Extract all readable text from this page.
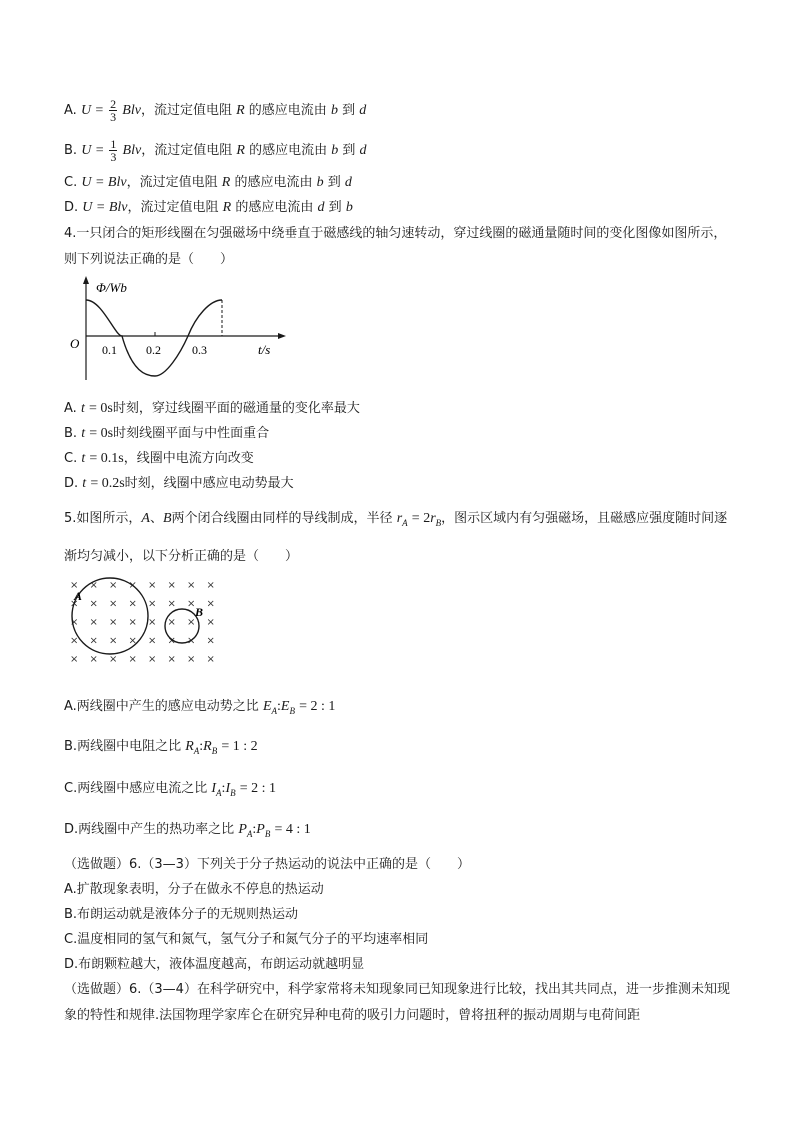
A. $U = \frac{2}{3}$ Blv，流过定值电阻 R 的感应电流由 b 到 d
B. $U = \frac{1}{3}$ Blv，流过定值电阻 R 的感应电流由 b 到 d
C. U = Blv，流过定值电阻 R 的感应电流由 b 到 d
D. U = Blv，流过定值电阻 R 的感应电流由 d 到 b
4.一只闭合的矩形线圈在匀强磁场中绕垂直于磁感线的轴匀速转动，穿过线圈的磁通量随时间的变化图像如图所示，则下列说法正确的是（　　）
Φ/Wb
O 0.1 0.2	0.3	t/s
A. t = 0s时刻，穿过线圈平面的磁通量的变化率最大
B. t = 0s时刻线圈平面与中性面重合
C. t = 0.1s，线圈中电流方向改变
D. t = 0.2s时刻，线圈中感应电动势最大
5.如图所示，A、B两个闭合线圈由同样的导线制成，半径 $r_A = 2r_B$，图示区域内有匀强磁场，且磁感应强度随时间逐渐均匀减小，以下分析正确的是（　　）
× × × × × × × ×
× × × × × × × ×
× × × × × × × ×
× × × × × × × ×
× × × × × × × ×
A
B
A.两线圈中产生的感应电动势之比 $E_A:E_B = 2$ : 1
B.两线圈中电阻之比 $R_A:R_B = 1$ : 2
C.两线圈中感应电流之比 $I_A:I_B = 2$ : 1
D.两线圈中产生的热功率之比 $P_A:P_B = 4$ : 1
（选做题）6.（3—3）下列关于分子热运动的说法中正确的是（　　）
A.扩散现象表明，分子在做永不停息的热运动
B.布朗运动就是液体分子的无规则热运动
C.温度相同的氢气和氮气，氢气分子和氮气分子的平均速率相同
D.布朗颗粒越大，液体温度越高，布朗运动就越明显
（选做题）6.（3—4）在科学研究中，科学家常将未知现象同已知现象进行比较，找出其共同点，进一步推测未知现象的特性和规律.法国物理学家库仑在研究异种电荷的吸引力问题时，曾将扭秤的振动周期与电荷间距
